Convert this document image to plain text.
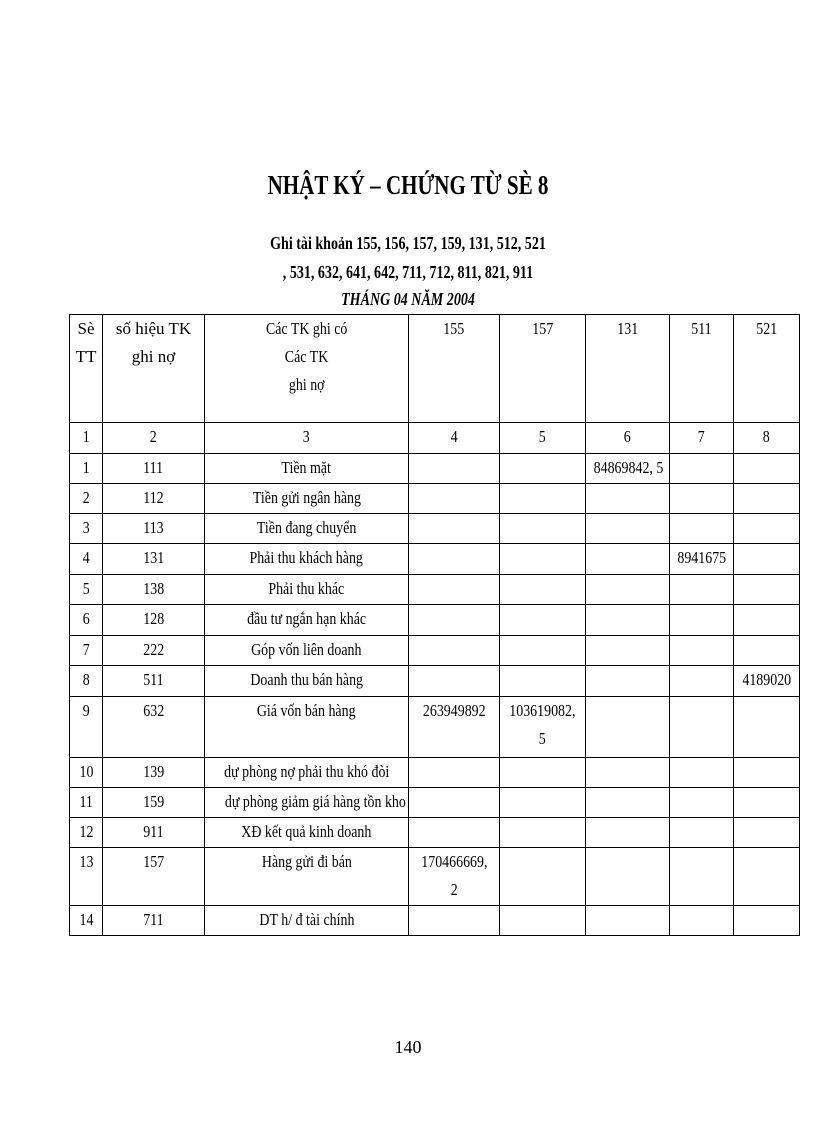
NHẬT KÝ – CHỨNG TỪ SÈ 8
Ghi tài khoản 155, 156, 157, 159, 131, 512, 521
, 531, 632, 641, 642, 711, 712, 811, 821, 911
THÁNG 04 NĂM 2004
Sè TT	số hiệu TK ghi nợ	Các TK ghi có
Các TK
ghi nợ	155	157	131	511	521
1	2	3	4	5	6	7	8
1	111	Tiền mặt			84869842, 5		
2	112	Tiền gửi ngân hàng					
3	113	Tiền đang chuyển					
4	131	Phải thu khách hàng				8941675	
5	138	Phải thu khác					
6	128	đầu tư ngắn hạn khác					
7	222	Góp vốn liên doanh					
8	511	Doanh thu bán hàng					4189020
9	632	Giá vốn bán hàng	263949892	103619082,
5			
10	139	dự phòng nợ phải thu khó đòi					
11	159	dự phòng giảm giá hàng tồn kho					
12	911	XĐ kết quả kinh doanh					
13	157	Hàng gửi đi bán	170466669,
2				
14	711	DT h/ đ tài chính					
140
